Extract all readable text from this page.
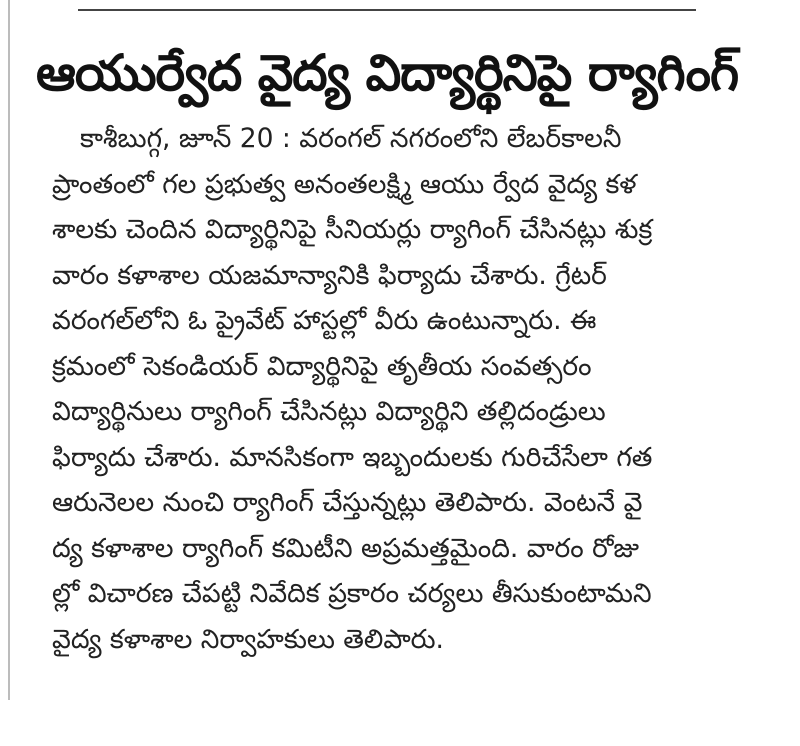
ఆయుర్వేద వైద్య విద్యార్థినిపై ర్యాగింగ్
కాశీబుగ్గ, జూన్ 20 : వరంగల్ నగరంలోని లేబర్‌కాలనీ
ప్రాంతంలో గల ప్రభుత్వ అనంతలక్ష్మి ఆయు ర్వేద వైద్య కళ
శాలకు చెందిన విద్యార్థినిపై సీనియర్లు ర్యాగింగ్ చేసినట్లు శుక్ర
వారం కళాశాల యజమాన్యానికి ఫిర్యాదు చేశారు. గ్రేటర్
వరంగల్‌లోని ఓ ప్రైవేట్ హాస్టల్లో వీరు ఉంటున్నారు. ఈ
క్రమంలో సెకండియర్ విద్యార్థినిపై తృతీయ సంవత్సరం
విద్యార్థినులు ర్యాగింగ్ చేసినట్లు విద్యార్థిని తల్లిదండ్రులు
ఫిర్యాదు చేశారు. మానసికంగా ఇబ్బందులకు గురిచేసేలా గత
ఆరునెలల నుంచి ర్యాగింగ్ చేస్తున్నట్లు తెలిపారు. వెంటనే వై
ద్య కళాశాల ర్యాగింగ్ కమిటీని అప్రమత్తమైంది. వారం రోజు
ల్లో విచారణ చేపట్టి నివేదిక ప్రకారం చర్యలు తీసుకుంటామని
వైద్య కళాశాల నిర్వాహకులు తెలిపారు.
